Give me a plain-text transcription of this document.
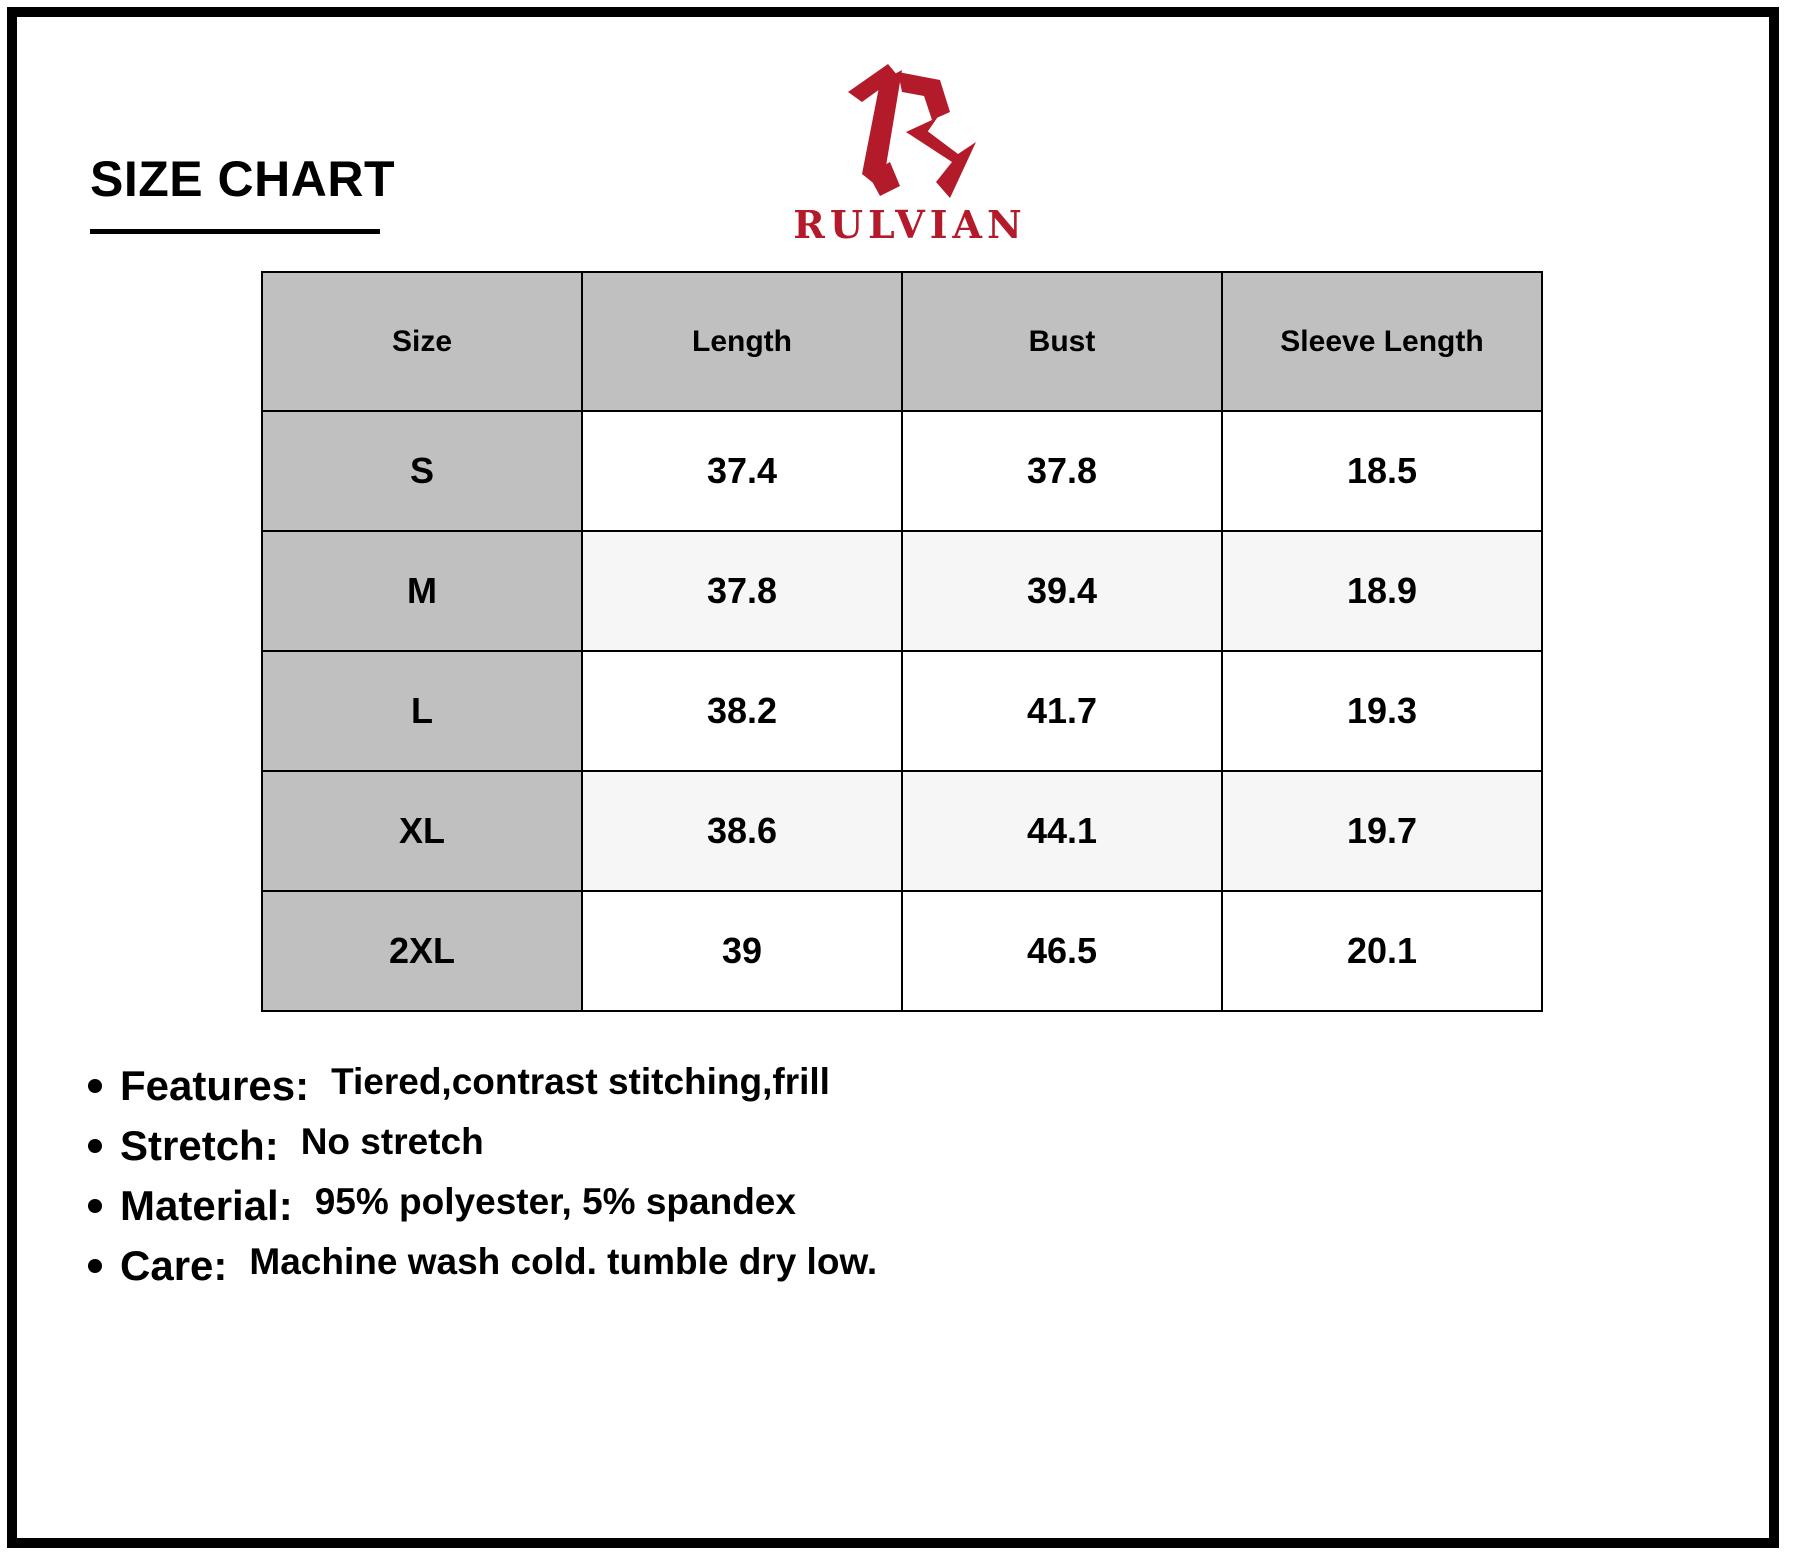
SIZE CHART
RULVIAN
Size	Length	Bust	Sleeve Length
S	37.4	37.8	18.5
M	37.8	39.4	18.9
L	38.2	41.7	19.3
XL	38.6	44.1	19.7
2XL	39	46.5	20.1
Features: Tiered,contrast stitching,frill
Stretch: No stretch
Material: 95% polyester, 5% spandex
Care: Machine wash cold. tumble dry low.
